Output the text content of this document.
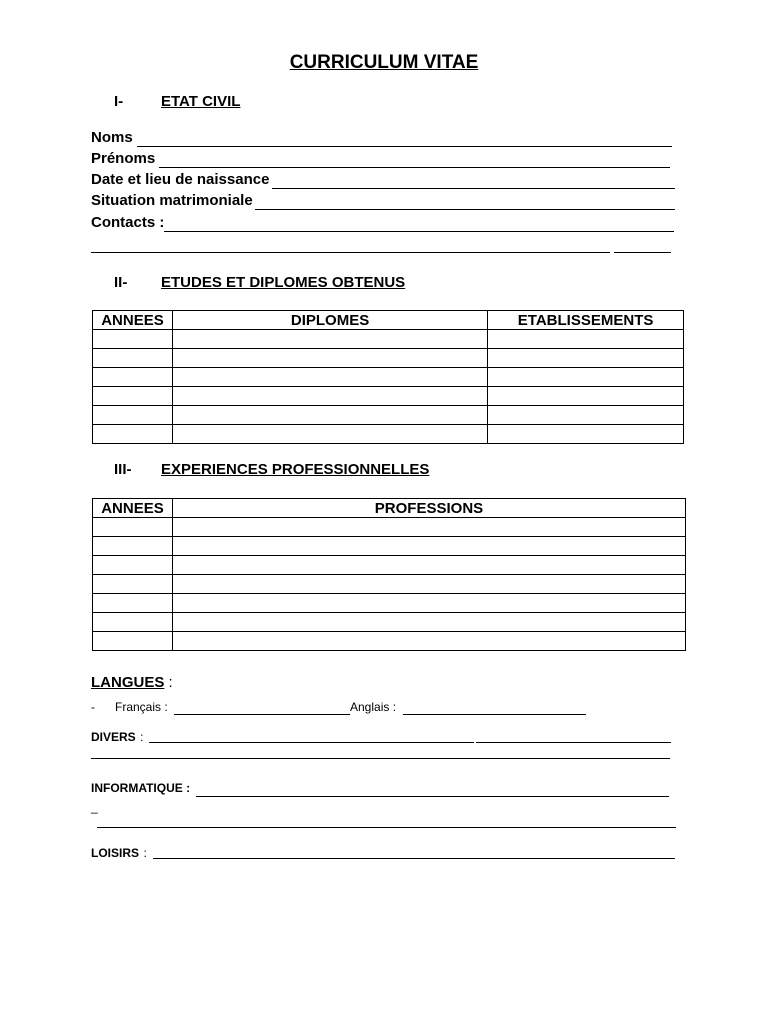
CURRICULUM VITAE
I-	ETAT CIVIL
Noms
Prénoms
Date et lieu de naissance
Situation matrimoniale
Contacts :
II- ETUDES ET DIPLOMES OBTENUS
ANNEES	DIPLOMES	ETABLISSEMENTS

III- EXPERIENCES PROFESSIONNELLES
ANNEES	PROFESSIONS

LANGUES :
- Français :	Anglais :
DIVERS :
INFORMATIQUE :
_
LOISIRS :
